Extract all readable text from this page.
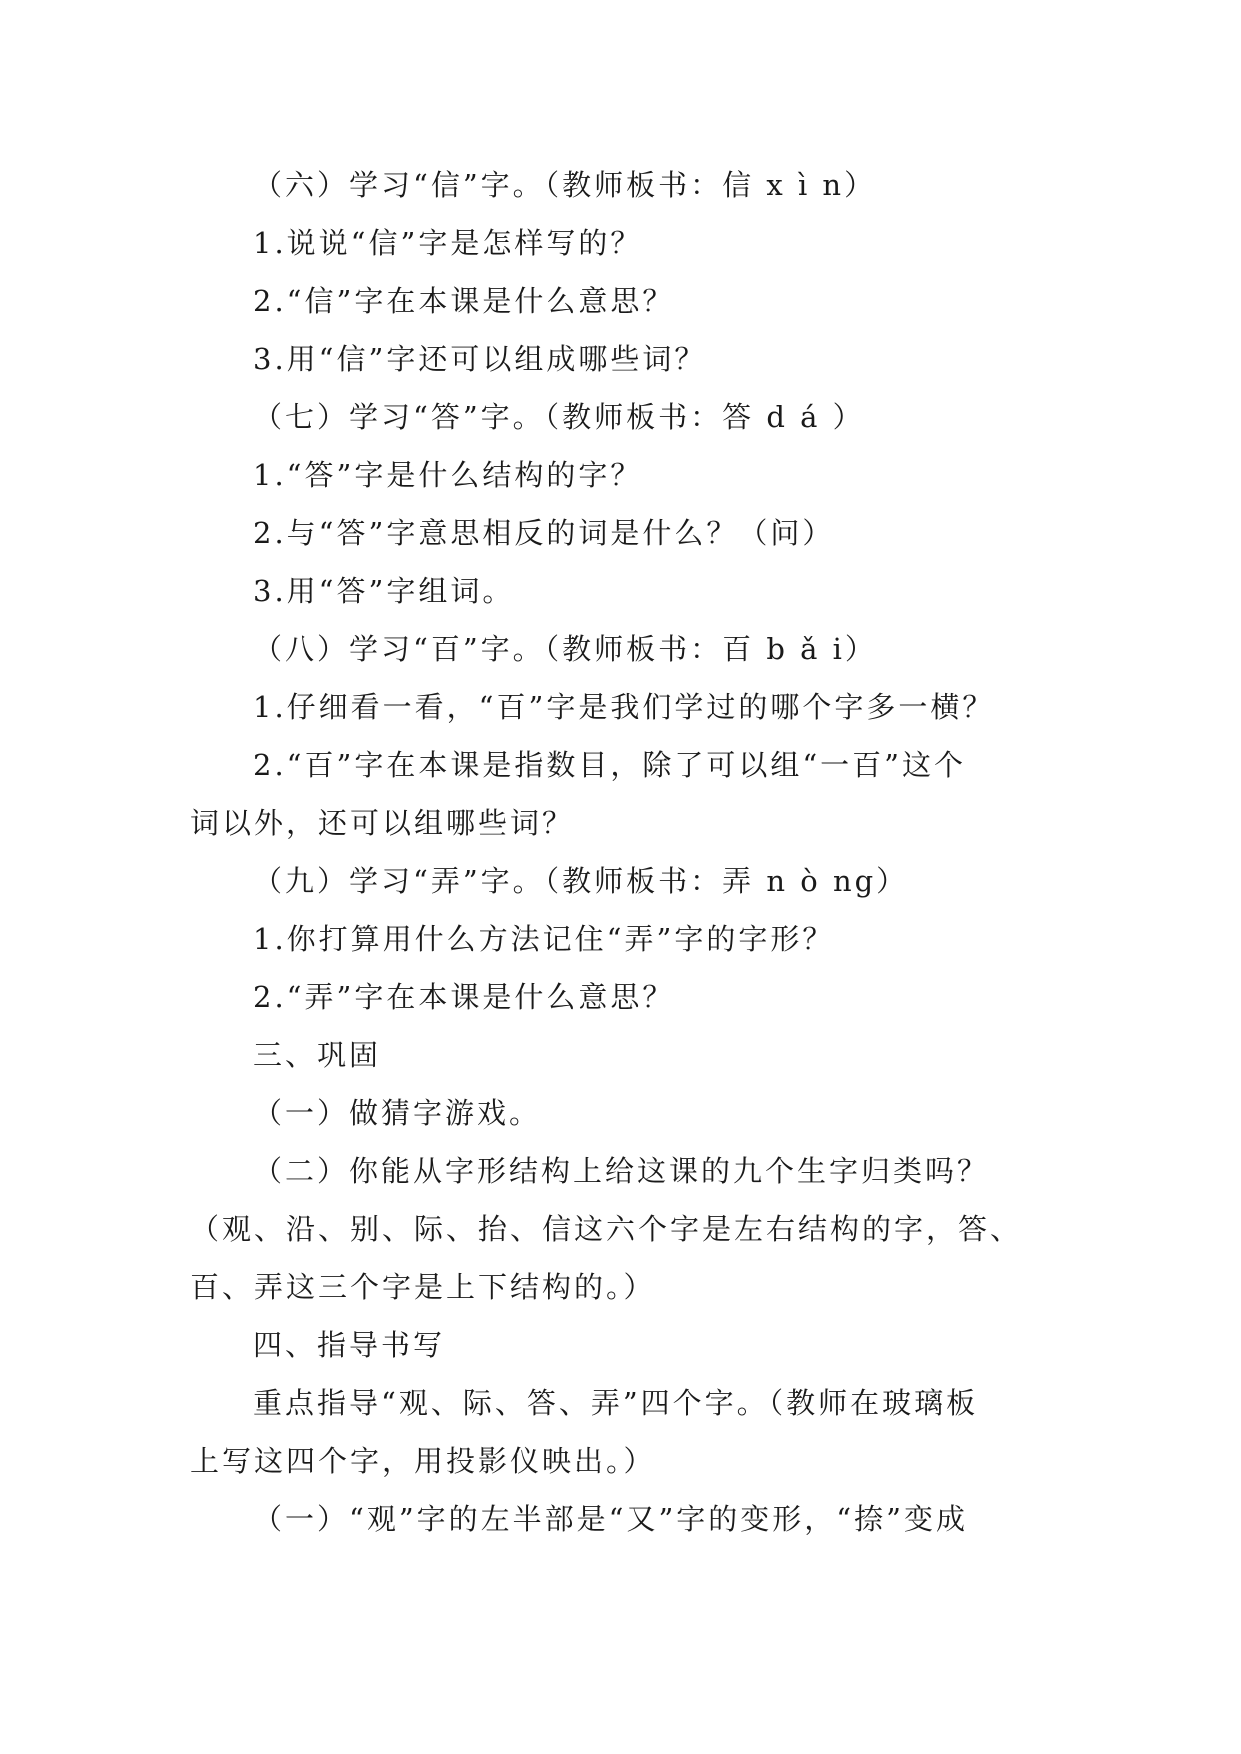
（六）学习“信”字。（教师板书：信 x ì n）
1.说说“信”字是怎样写的？
2.“信”字在本课是什么意思？
3.用“信”字还可以组成哪些词？
（七）学习“答”字。（教师板书：答 d á ）
1.“答”字是什么结构的字？
2.与“答”字意思相反的词是什么？（问）
3.用“答”字组词。
（八）学习“百”字。（教师板书：百 b ǎ i）
1.仔细看一看，“百”字是我们学过的哪个字多一横？
2.“百”字在本课是指数目，除了可以组“一百”这个
词以外，还可以组哪些词？
（九）学习“弄”字。（教师板书：弄 n ò ng）
1.你打算用什么方法记住“弄”字的字形？
2.“弄”字在本课是什么意思？
三、巩固
（一）做猜字游戏。
（二）你能从字形结构上给这课的九个生字归类吗？
（观、沿、别、际、抬、信这六个字是左右结构的字，答、
百、弄这三个字是上下结构的。）
四、指导书写
重点指导“观、际、答、弄”四个字。（教师在玻璃板
上写这四个字，用投影仪映出。）
（一）“观”字的左半部是“又”字的变形，“捺”变成
